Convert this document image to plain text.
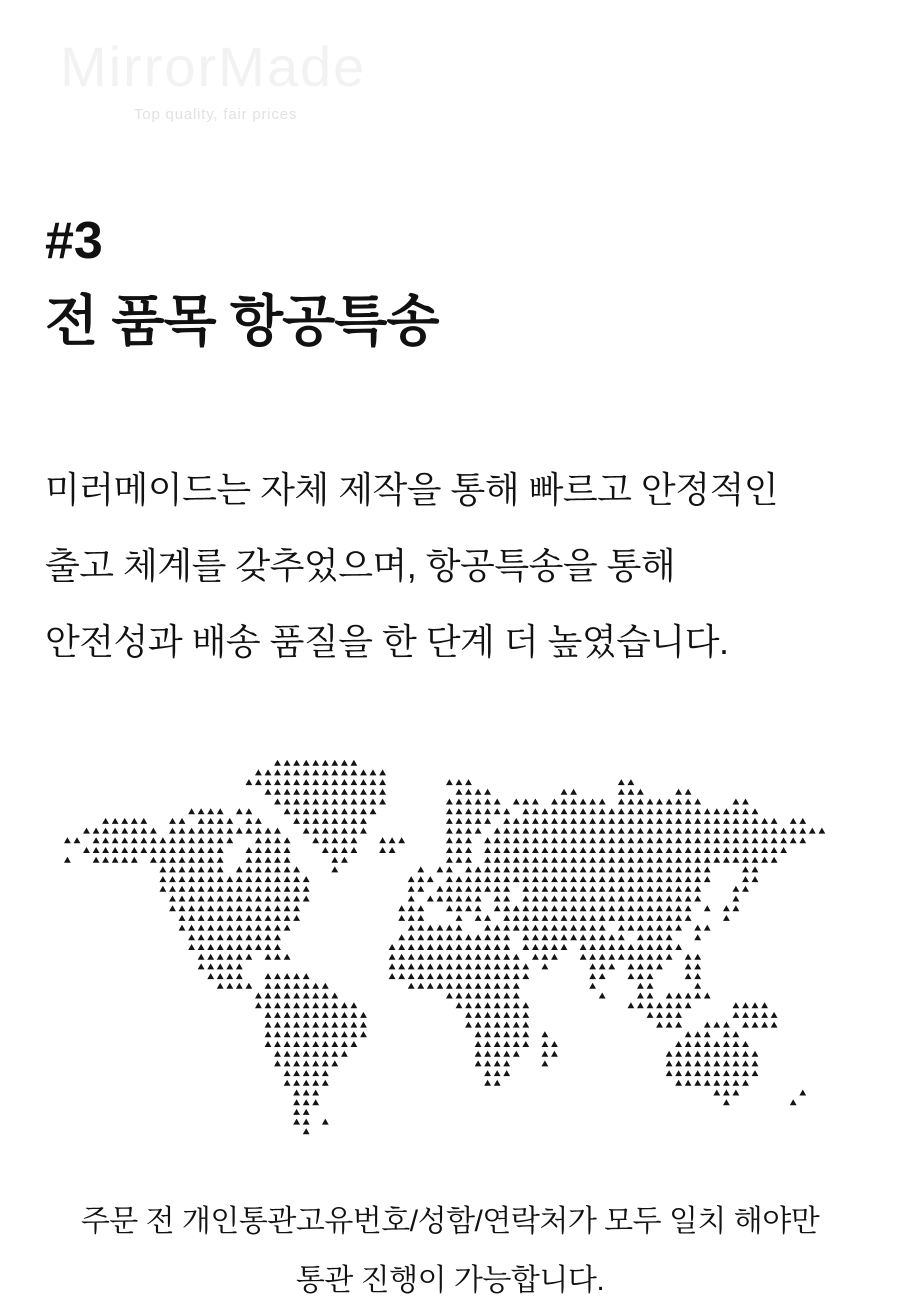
MirrorMade
Top quality, fair prices
#3
전 품목 항공특송
미러메이드는 자체 제작을 통해 빠르고 안정적인
출고 체계를 갖추었으며, 항공특송을 통해
안전성과 배송 품질을 한 단계 더 높였습니다.
주문 전 개인통관고유번호/성함/연락처가 모두 일치 해야만
통관 진행이 가능합니다.
